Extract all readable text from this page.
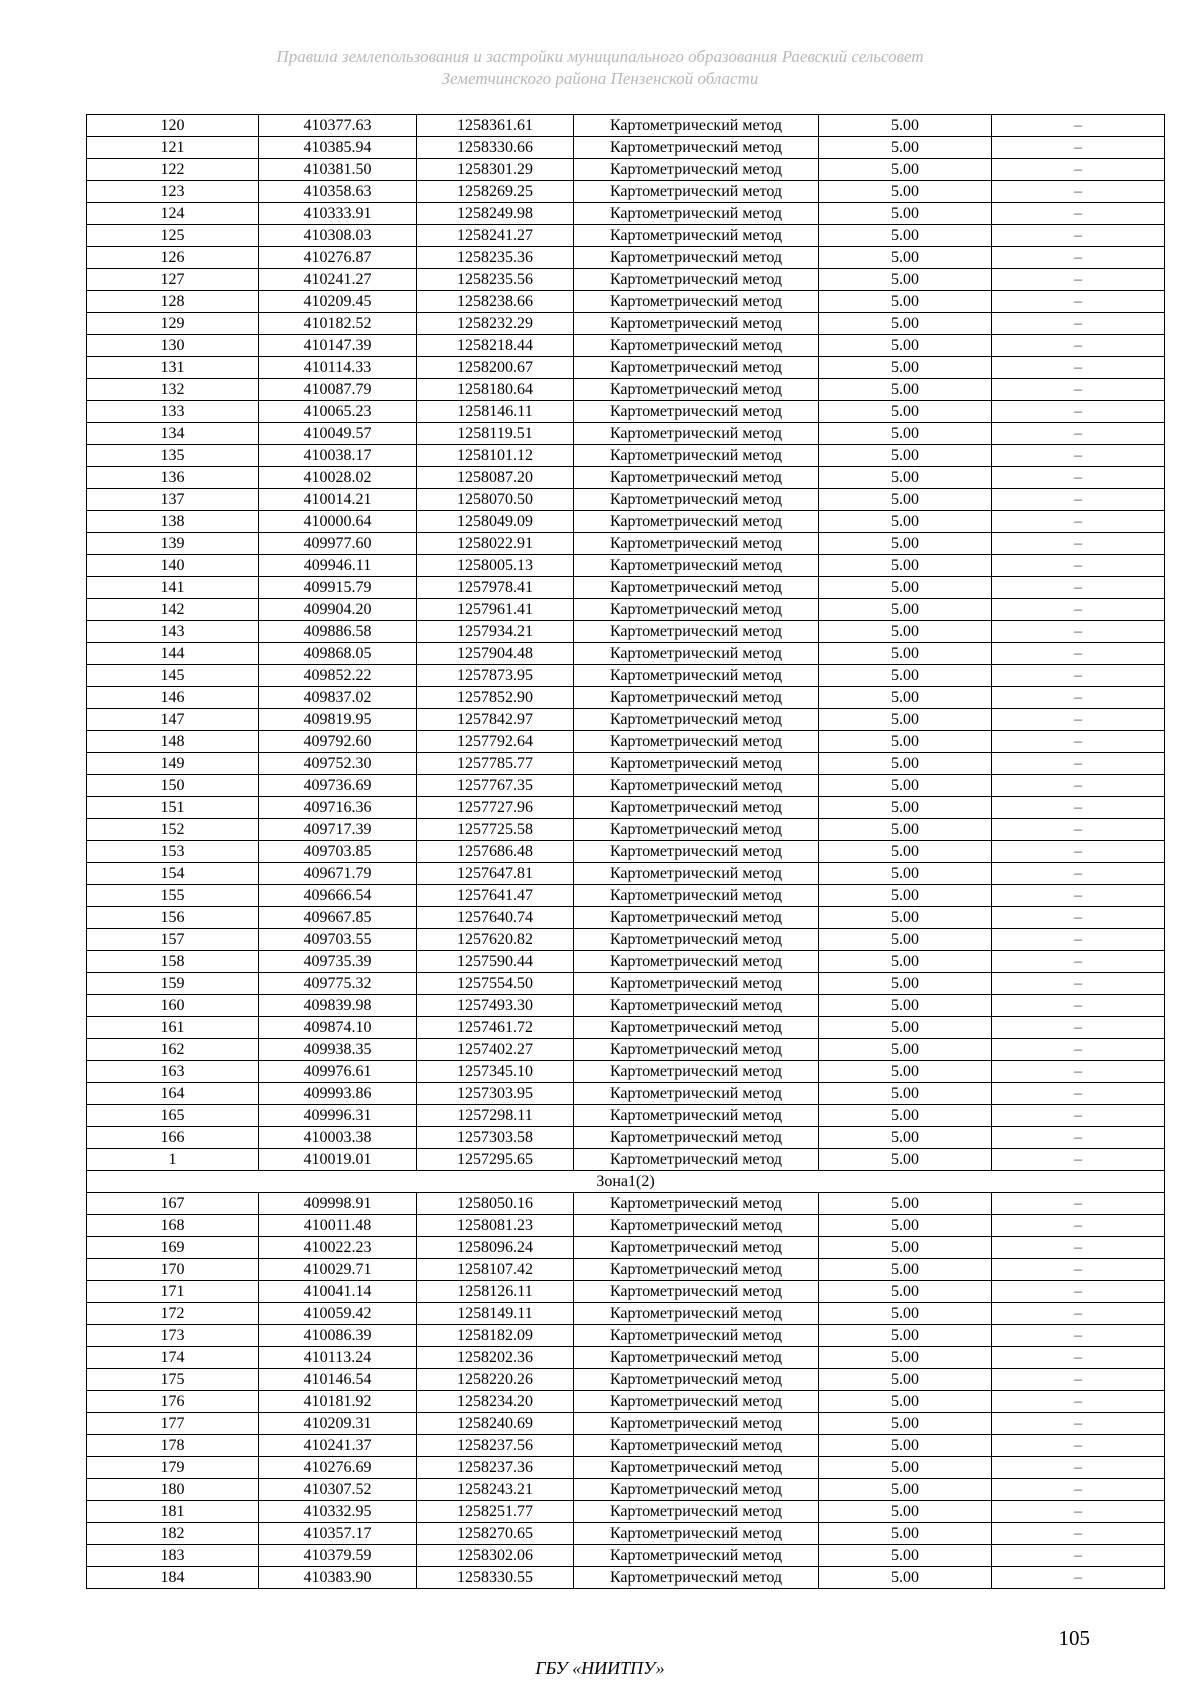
Правила землепользования и застройки муниципального образования Раевский сельсовет
Земетчинского района Пензенской области
120	410377.63	1258361.61	Картометрический метод	5.00	–
121	410385.94	1258330.66	Картометрический метод	5.00	–
122	410381.50	1258301.29	Картометрический метод	5.00	–
123	410358.63	1258269.25	Картометрический метод	5.00	–
124	410333.91	1258249.98	Картометрический метод	5.00	–
125	410308.03	1258241.27	Картометрический метод	5.00	–
126	410276.87	1258235.36	Картометрический метод	5.00	–
127	410241.27	1258235.56	Картометрический метод	5.00	–
128	410209.45	1258238.66	Картометрический метод	5.00	–
129	410182.52	1258232.29	Картометрический метод	5.00	–
130	410147.39	1258218.44	Картометрический метод	5.00	–
131	410114.33	1258200.67	Картометрический метод	5.00	–
132	410087.79	1258180.64	Картометрический метод	5.00	–
133	410065.23	1258146.11	Картометрический метод	5.00	–
134	410049.57	1258119.51	Картометрический метод	5.00	–
135	410038.17	1258101.12	Картометрический метод	5.00	–
136	410028.02	1258087.20	Картометрический метод	5.00	–
137	410014.21	1258070.50	Картометрический метод	5.00	–
138	410000.64	1258049.09	Картометрический метод	5.00	–
139	409977.60	1258022.91	Картометрический метод	5.00	–
140	409946.11	1258005.13	Картометрический метод	5.00	–
141	409915.79	1257978.41	Картометрический метод	5.00	–
142	409904.20	1257961.41	Картометрический метод	5.00	–
143	409886.58	1257934.21	Картометрический метод	5.00	–
144	409868.05	1257904.48	Картометрический метод	5.00	–
145	409852.22	1257873.95	Картометрический метод	5.00	–
146	409837.02	1257852.90	Картометрический метод	5.00	–
147	409819.95	1257842.97	Картометрический метод	5.00	–
148	409792.60	1257792.64	Картометрический метод	5.00	–
149	409752.30	1257785.77	Картометрический метод	5.00	–
150	409736.69	1257767.35	Картометрический метод	5.00	–
151	409716.36	1257727.96	Картометрический метод	5.00	–
152	409717.39	1257725.58	Картометрический метод	5.00	–
153	409703.85	1257686.48	Картометрический метод	5.00	–
154	409671.79	1257647.81	Картометрический метод	5.00	–
155	409666.54	1257641.47	Картометрический метод	5.00	–
156	409667.85	1257640.74	Картометрический метод	5.00	–
157	409703.55	1257620.82	Картометрический метод	5.00	–
158	409735.39	1257590.44	Картометрический метод	5.00	–
159	409775.32	1257554.50	Картометрический метод	5.00	–
160	409839.98	1257493.30	Картометрический метод	5.00	–
161	409874.10	1257461.72	Картометрический метод	5.00	–
162	409938.35	1257402.27	Картометрический метод	5.00	–
163	409976.61	1257345.10	Картометрический метод	5.00	–
164	409993.86	1257303.95	Картометрический метод	5.00	–
165	409996.31	1257298.11	Картометрический метод	5.00	–
166	410003.38	1257303.58	Картометрический метод	5.00	–
1	410019.01	1257295.65	Картометрический метод	5.00	–
Зона1(2)					
167	409998.91	1258050.16	Картометрический метод	5.00	–
168	410011.48	1258081.23	Картометрический метод	5.00	–
169	410022.23	1258096.24	Картометрический метод	5.00	–
170	410029.71	1258107.42	Картометрический метод	5.00	–
171	410041.14	1258126.11	Картометрический метод	5.00	–
172	410059.42	1258149.11	Картометрический метод	5.00	–
173	410086.39	1258182.09	Картометрический метод	5.00	–
174	410113.24	1258202.36	Картометрический метод	5.00	–
175	410146.54	1258220.26	Картометрический метод	5.00	–
176	410181.92	1258234.20	Картометрический метод	5.00	–
177	410209.31	1258240.69	Картометрический метод	5.00	–
178	410241.37	1258237.56	Картометрический метод	5.00	–
179	410276.69	1258237.36	Картометрический метод	5.00	–
180	410307.52	1258243.21	Картометрический метод	5.00	–
181	410332.95	1258251.77	Картометрический метод	5.00	–
182	410357.17	1258270.65	Картометрический метод	5.00	–
183	410379.59	1258302.06	Картометрический метод	5.00	–
184	410383.90	1258330.55	Картометрический метод	5.00	–
105
ГБУ «НИИТПУ»
